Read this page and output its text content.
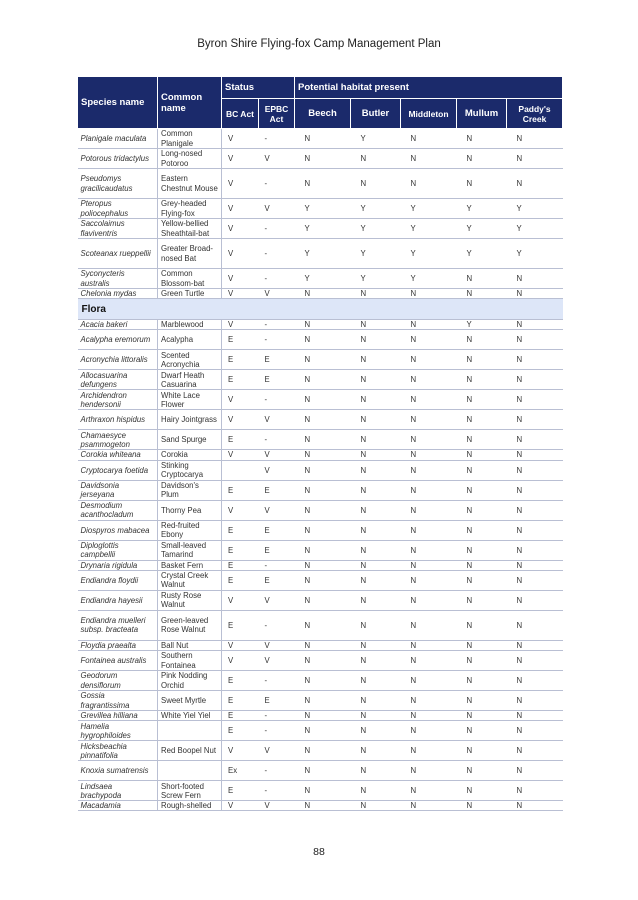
Byron Shire Flying-fox Camp Management Plan
Species name	Common name	Status		Potential habitat present				
		BC Act	EPBC Act	Beech	Butler	Middleton	Mullum	Paddy's Creek
Planigale maculata	Common Planigale	V	-	N	Y	N	N	N
Potorous tridactylus	Long-nosed Potoroo	V	V	N	N	N	N	N
Pseudomys gracilicaudatus	Eastern Chestnut Mouse	V	-	N	N	N	N	N
Pteropus poliocephalus	Grey-headed Flying-fox	V	V	Y	Y	Y	Y	Y
Saccolaimus flaviventris	Yellow-bellied Sheathtail-bat	V	-	Y	Y	Y	Y	Y
Scoteanax rueppellii	Greater Broad-nosed Bat	V	-	Y	Y	Y	Y	Y
Syconycteris australis	Common Blossom-bat	V	-	Y	Y	Y	N	N
Chelonia mydas	Green Turtle	V	V	N	N	N	N	N
Flora								
Acacia bakeri	Marblewood	V	-	N	N	N	Y	N
Acalypha eremorum	Acalypha	E	-	N	N	N	N	N
Acronychia littoralis	Scented Acronychia	E	E	N	N	N	N	N
Allocasuarina defungens	Dwarf Heath Casuarina	E	E	N	N	N	N	N
Archidendron hendersonii	White Lace Flower	V	-	N	N	N	N	N
Arthraxon hispidus	Hairy Jointgrass	V	V	N	N	N	N	N
Chamaesyce psammogeton	Sand Spurge	E	-	N	N	N	N	N
Corokia whiteana	Corokia	V	V	N	N	N	N	N
Cryptocarya foetida	Stinking Cryptocarya		V	N	N	N	N	N
Davidsonia jerseyana	Davidson's Plum	E	E	N	N	N	N	N
Desmodium acanthocladum	Thorny Pea	V	V	N	N	N	N	N
Diospyros mabacea	Red-fruited Ebony	E	E	N	N	N	N	N
Diploglottis campbellii	Small-leaved Tamarind	E	E	N	N	N	N	N
Drynaria rigidula	Basket Fern	E	-	N	N	N	N	N
Endiandra floydii	Crystal Creek Walnut	E	E	N	N	N	N	N
Endiandra hayesii	Rusty Rose Walnut	V	V	N	N	N	N	N
Endiandra muelleri subsp. bracteata	Green-leaved Rose Walnut	E	-	N	N	N	N	N
Floydia praealta	Ball Nut	V	V	N	N	N	N	N
Fontainea australis	Southern Fontainea	V	V	N	N	N	N	N
Geodorum densiflorum	Pink Nodding Orchid	E	-	N	N	N	N	N
Gossia fragrantissima	Sweet Myrtle	E	E	N	N	N	N	N
Grevillea hilliana	White Yiel Yiel	E	-	N	N	N	N	N
Hamelia hygrophiloides		E	-	N	N	N	N	N
Hicksbeachia pinnatifolia	Red Boopel Nut	V	V	N	N	N	N	N
Knoxia sumatrensis		Ex	-	N	N	N	N	N
Lindsaea brachypoda	Short-footed Screw Fern	E	-	N	N	N	N	N
Macadamia	Rough-shelled	V	V	N	N	N	N	N
88
